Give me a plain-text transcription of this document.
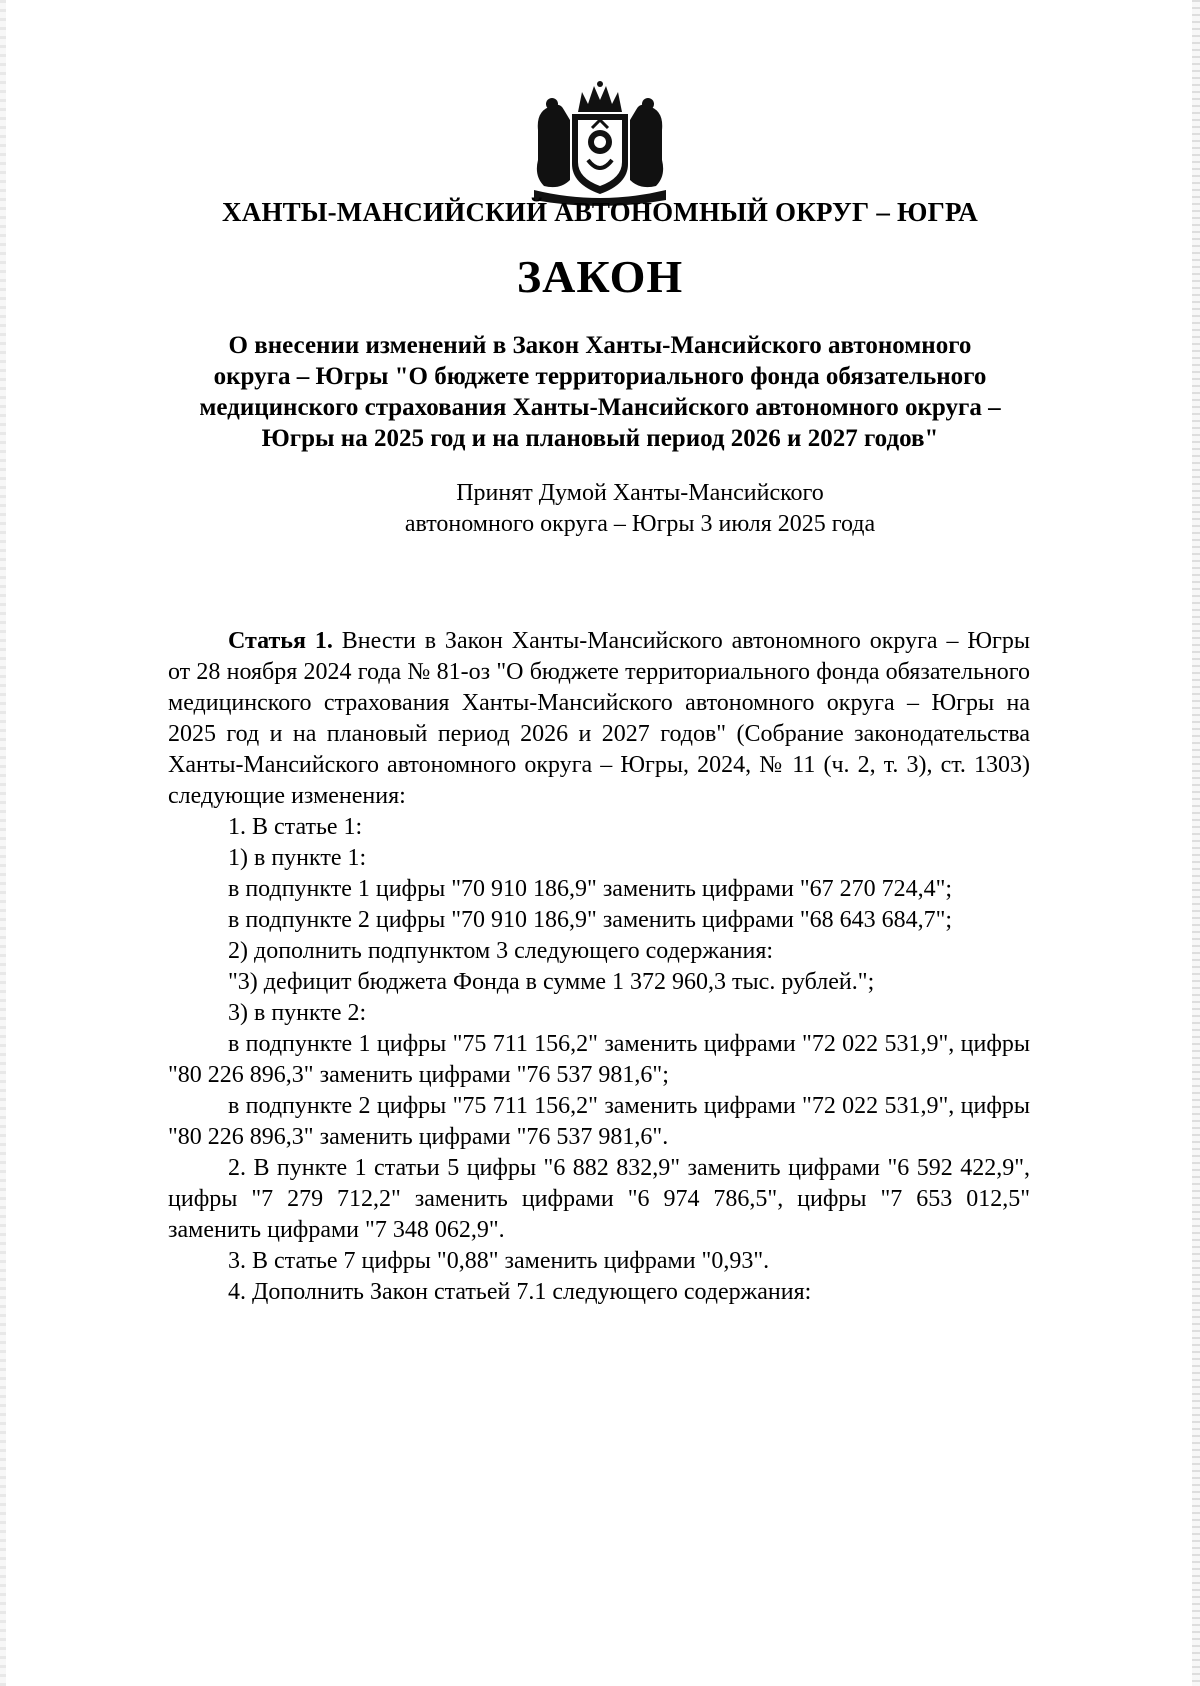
ХАНТЫ-МАНСИЙСКИЙ АВТОНОМНЫЙ ОКРУГ – ЮГРА
ЗАКОН
О внесении изменений в Закон Ханты-Мансийского автономного
округа – Югры "О бюджете территориального фонда обязательного
медицинского страхования Ханты-Мансийского автономного округа –
Югры на 2025 год и на плановый период 2026 и 2027 годов"
Принят Думой Ханты-Мансийского
автономного округа – Югры 3 июля 2025 года

Статья 1. Внести в Закон Ханты-Мансийского автономного округа – Югры от 28 ноября 2024 года № 81-оз "О бюджете территориального фонда обязательного медицинского страхования Ханты-Мансийского автономного округа – Югры на 2025 год и на плановый период 2026 и 2027 годов" (Собрание законодательства Ханты-Мансийского автономного округа – Югры, 2024, № 11 (ч. 2, т. 3), ст. 1303) следующие изменения:

1. В статье 1:

1) в пункте 1:

в подпункте 1 цифры "70 910 186,9" заменить цифрами "67 270 724,4";

в подпункте 2 цифры "70 910 186,9" заменить цифрами "68 643 684,7";

2) дополнить подпунктом 3 следующего содержания:

"3) дефицит бюджета Фонда в сумме 1 372 960,3 тыс. рублей.";

3) в пункте 2:

в подпункте 1 цифры "75 711 156,2" заменить цифрами "72 022 531,9", цифры "80 226 896,3" заменить цифрами "76 537 981,6";

в подпункте 2 цифры "75 711 156,2" заменить цифрами "72 022 531,9", цифры "80 226 896,3" заменить цифрами "76 537 981,6".

2. В пункте 1 статьи 5 цифры "6 882 832,9" заменить цифрами "6 592 422,9", цифры "7 279 712,2" заменить цифрами "6 974 786,5", цифры "7 653 012,5" заменить цифрами "7 348 062,9".

3. В статье 7 цифры "0,88" заменить цифрами "0,93".

4. Дополнить Закон статьей 7.1 следующего содержания:
